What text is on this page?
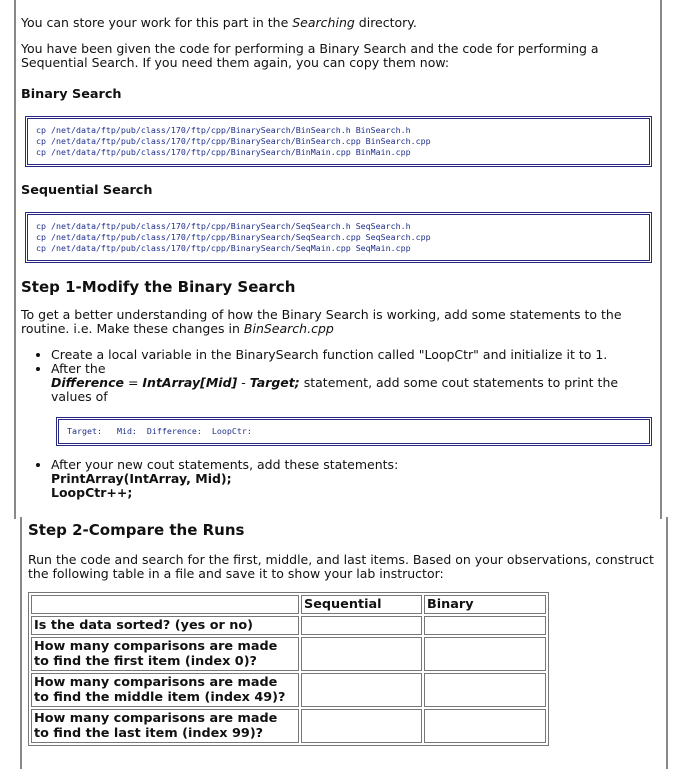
You can store your work for this part in the Searching directory.

You have been given the code for performing a Binary Search and the code for performing a Sequential Search. If you need them again, you can copy them now:

Binary Search
cp /net/data/ftp/pub/class/170/ftp/cpp/BinarySearch/BinSearch.h BinSearch.h
cp /net/data/ftp/pub/class/170/ftp/cpp/BinarySearch/BinSearch.cpp BinSearch.cpp
cp /net/data/ftp/pub/class/170/ftp/cpp/BinarySearch/BinMain.cpp BinMain.cpp
Sequential Search
cp /net/data/ftp/pub/class/170/ftp/cpp/BinarySearch/SeqSearch.h SeqSearch.h
cp /net/data/ftp/pub/class/170/ftp/cpp/BinarySearch/SeqSearch.cpp SeqSearch.cpp
cp /net/data/ftp/pub/class/170/ftp/cpp/BinarySearch/SeqMain.cpp SeqMain.cpp
Step 1-Modify the Binary Search

To get a better understanding of how the Binary Search is working, add some statements to the routine. i.e. Make these changes in BinSearch.cpp

• Create a local variable in the BinarySearch function called "LoopCtr" and initialize it to 1.
• After the
Difference = IntArray[Mid] - Target; statement, add some cout statements to print the values of
Target:   Mid:  Difference:  LoopCtr:
• After your new cout statements, add these statements:
PrintArray(IntArray, Mid);
LoopCtr++;
Step 2-Compare the Runs

Run the code and search for the first, middle, and last items. Based on your observations, construct the following table in a file and save it to show your lab instructor:

	Sequential	Binary
Is the data sorted? (yes or no)		
How many comparisons are made to find the first item (index 0)?		
How many comparisons are made to find the middle item (index 49)?		
How many comparisons are made to find the last item (index 99)?		
